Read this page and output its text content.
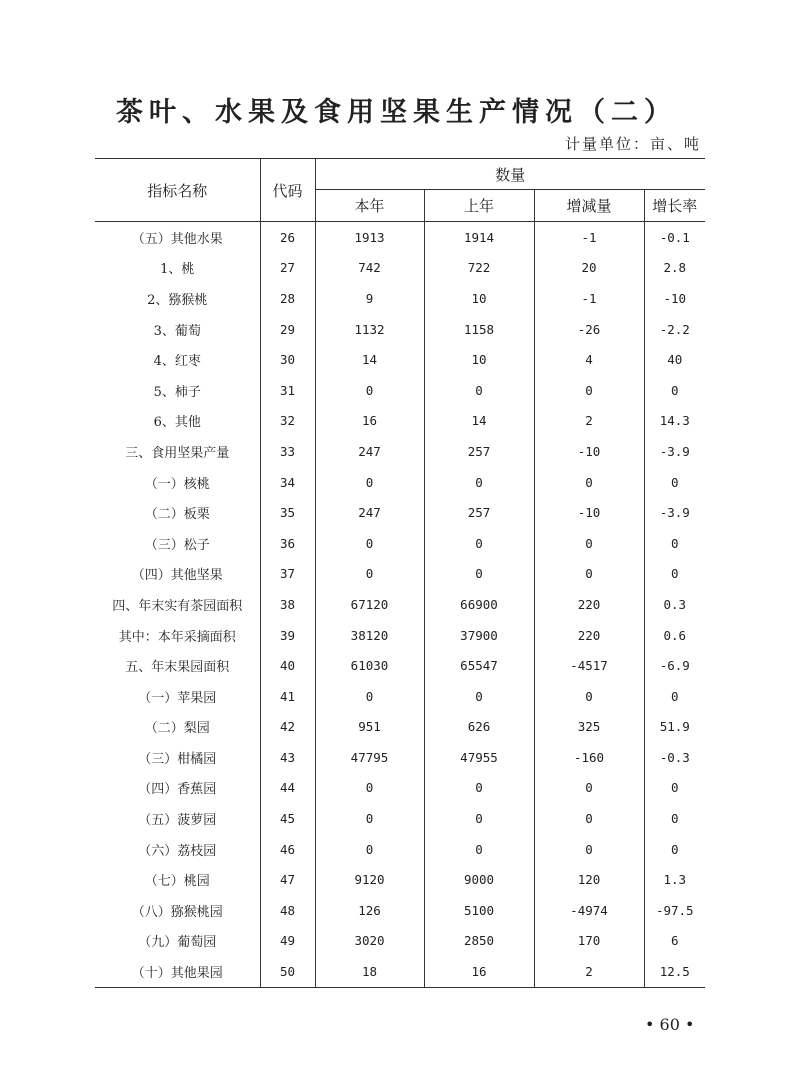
茶叶、水果及食用坚果生产情况（二）
计量单位：亩、吨
指标名称	代码	数量			
		本年	上年	增减量	增长率
（五）其他水果	26	1913	1914	-1	-0.1
1、桃	27	742	722	20	2.8
2、猕猴桃	28	9	10	-1	-10
3、葡萄	29	1132	1158	-26	-2.2
4、红枣	30	14	10	4	40
5、柿子	31	0	0	0	0
6、其他	32	16	14	2	14.3
三、食用坚果产量	33	247	257	-10	-3.9
（一）核桃	34	0	0	0	0
（二）板栗	35	247	257	-10	-3.9
（三）松子	36	0	0	0	0
（四）其他坚果	37	0	0	0	0
四、年末实有茶园面积	38	67120	66900	220	0.3
其中：本年采摘面积	39	38120	37900	220	0.6
五、年末果园面积	40	61030	65547	-4517	-6.9
（一）苹果园	41	0	0	0	0
（二）梨园	42	951	626	325	51.9
（三）柑橘园	43	47795	47955	-160	-0.3
（四）香蕉园	44	0	0	0	0
（五）菠萝园	45	0	0	0	0
（六）荔枝园	46	0	0	0	0
（七）桃园	47	9120	9000	120	1.3
（八）猕猴桃园	48	126	5100	-4974	-97.5
（九）葡萄园	49	3020	2850	170	6
（十）其他果园	50	18	16	2	12.5
• 60 •
